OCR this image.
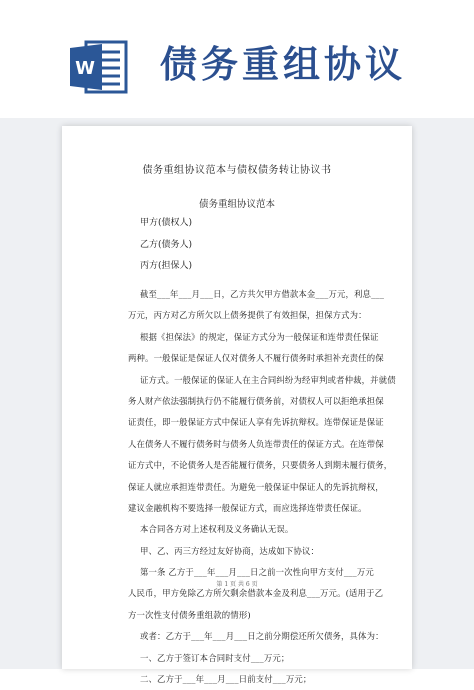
W 债务重组协议
债务重组协议范本与债权债务转让协议书
债务重组协议范本
甲方(债权人)
乙方(债务人)
丙方(担保人)
截至___年___月___日，乙方共欠甲方借款本金___万元，利息___
万元，丙方对乙方所欠以上债务提供了有效担保，担保方式为：
根据《担保法》的规定，保证方式分为一般保证和连带责任保证
两种。一般保证是保证人仅对债务人不履行债务时承担补充责任的保
证方式。一般保证的保证人在主合同纠纷为经审判或者仲裁，并就债
务人财产依法强制执行仍不能履行债务前，对债权人可以拒绝承担保
证责任，即一般保证方式中保证人享有先诉抗辩权。连带保证是保证
人在债务人不履行债务时与债务人负连带责任的保证方式。在连带保
证方式中，不论债务人是否能履行债务，只要债务人到期未履行债务，
保证人就应承担连带责任。为避免一般保证中保证人的先诉抗辩权，
建议金融机构不要选择一般保证方式，而应选择连带责任保证。
本合同各方对上述权利及义务确认无误。
甲、乙、丙三方经过友好协商，达成如下协议：
第一条 乙方于___年___月___日之前一次性向甲方支付___万元
人民币，甲方免除乙方所欠剩余借款本金及利息___万元。(适用于乙
方一次性支付债务重组款的情形)
或者：乙方于___年___月___日之前分期偿还所欠债务，具体为：
一、乙方于签订本合同时支付___万元；
二、乙方于___年___月___日前支付___万元；
第 1 页 共 6 页
